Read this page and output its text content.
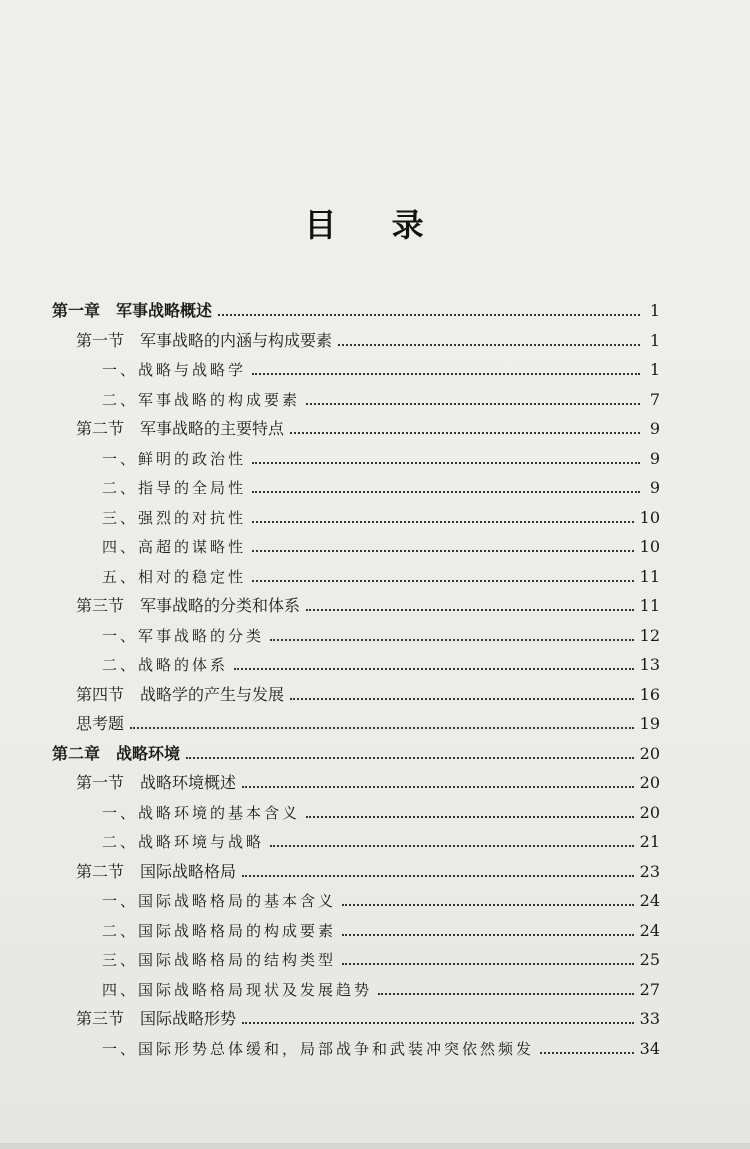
目 录
第一章　军事战略概述	1
第一节　军事战略的内涵与构成要素	1
一、战略与战略学	1
二、军事战略的构成要素	7
第二节　军事战略的主要特点	9
一、鲜明的政治性	9
二、指导的全局性	9
三、强烈的对抗性	10
四、高超的谋略性	10
五、相对的稳定性	11
第三节　军事战略的分类和体系	11
一、军事战略的分类	12
二、战略的体系	13
第四节　战略学的产生与发展	16
思考题	19
第二章　战略环境	20
第一节　战略环境概述	20
一、战略环境的基本含义	20
二、战略环境与战略	21
第二节　国际战略格局	23
一、国际战略格局的基本含义	24
二、国际战略格局的构成要素	24
三、国际战略格局的结构类型	25
四、国际战略格局现状及发展趋势	27
第三节　国际战略形势	33
一、国际形势总体缓和，局部战争和武装冲突依然频发	34
